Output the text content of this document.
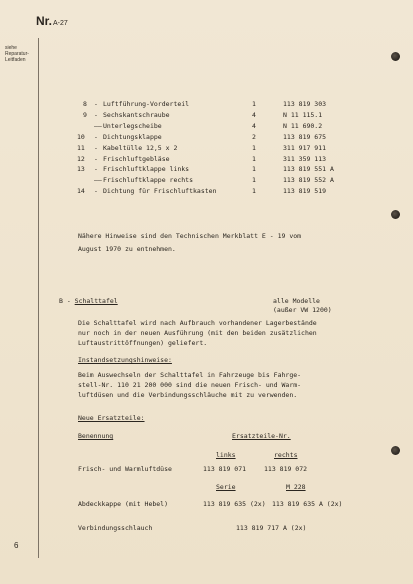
Nr.A-27
siehe
Reparatur-
Leitfaden
8 - Luftführung-Vorderteil	1	113 819 303
9 - Sechskantschraube	4	N 11 115.1
—— Unterlegscheibe	4	N 11 690.2
10 - Dichtungsklappe	2	113 819 675
11 - Kabeltülle 12,5 x 2	1	311 917 911
12 - Frischluftgebläse	1	311 359 113
13 - Frischluftklappe links	1	113 819 551 A
—— Frischluftklappe rechts	1	113 819 552 A
14 - Dichtung für Frischluftkasten	1	113 819 519
Nähere Hinweise sind den Technischen Merkblatt E - 19 vom
August 1970 zu entnehmen.
B - Schalttafel	alle Modelle
(außer VW 1200)
Die Schalttafel wird nach Aufbrauch vorhandener Lagerbestände
nur noch in der neuen Ausführung (mit den beiden zusätzlichen
Luftaustrittöffnungen) geliefert.
Instandsetzungshinweise:
Beim Auswechseln der Schalttafel in Fahrzeuge bis Fahrge-
stell-Nr. 110 21 200 000 sind die neuen Frisch- und Warm-
luftdüsen und die Verbindungsschläuche mit zu verwenden.
Neue Ersatzteile:
Benennung	Ersatzteile-Nr.
links	rechts
Frisch- und Warmluftdüse	113 819 071	113 819 072
Serie	M 228
Abdeckkappe (mit Hebel)	113 819 635 (2x) 113 819 635 A (2x)
Verbindungsschlauch	113 819 717 A (2x)
6
